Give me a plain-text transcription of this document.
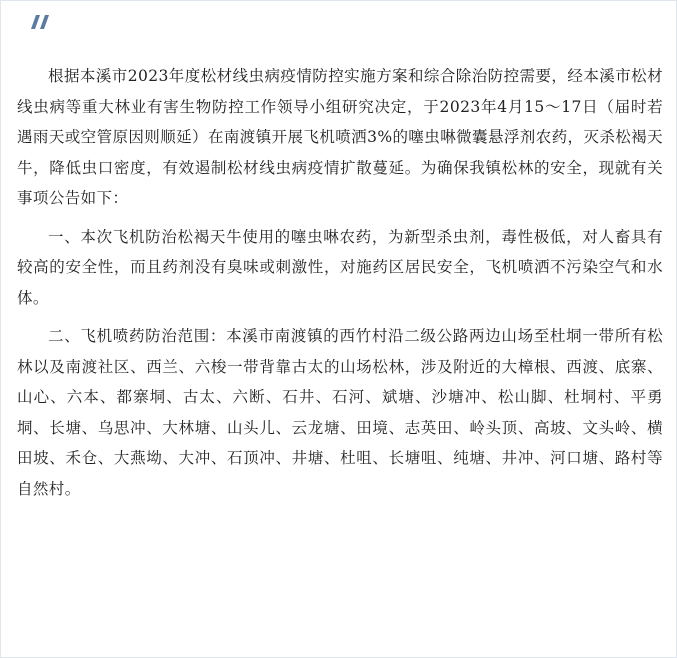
根据本溪市2023年度松材线虫病疫情防控实施方案和综合除治防控需要，经本溪市松材线虫病等重大林业有害生物防控工作领导小组研究决定，于2023年4月15～17日（届时若遇雨天或空管原因则顺延）在南渡镇开展飞机喷洒3%的噻虫啉微囊悬浮剂农药，灭杀松褐天牛，降低虫口密度，有效遏制松材线虫病疫情扩散蔓延。为确保我镇松林的安全，现就有关事项公告如下：

一、本次飞机防治松褐天牛使用的噻虫啉农药，为新型杀虫剂，毒性极低，对人畜具有较高的安全性，而且药剂没有臭味或刺激性，对施药区居民安全，飞机喷洒不污染空气和水体。

二、飞机喷药防治范围：本溪市南渡镇的西竹村沿二级公路两边山场至杜垌一带所有松林以及南渡社区、西兰、六梭一带背靠古太的山场松林，涉及附近的大樟根、西渡、底寨、山心、六本、都寨垌、古太、六断、石井、石河、斌塘、沙塘冲、松山脚、杜垌村、平勇垌、长塘、乌思冲、大林塘、山头儿、云龙塘、田境、志英田、岭头顶、高坡、文头岭、横田坡、禾仓、大燕坳、大冲、石顶冲、井塘、杜咀、长塘咀、纯塘、井冲、河口塘、路村等自然村。
